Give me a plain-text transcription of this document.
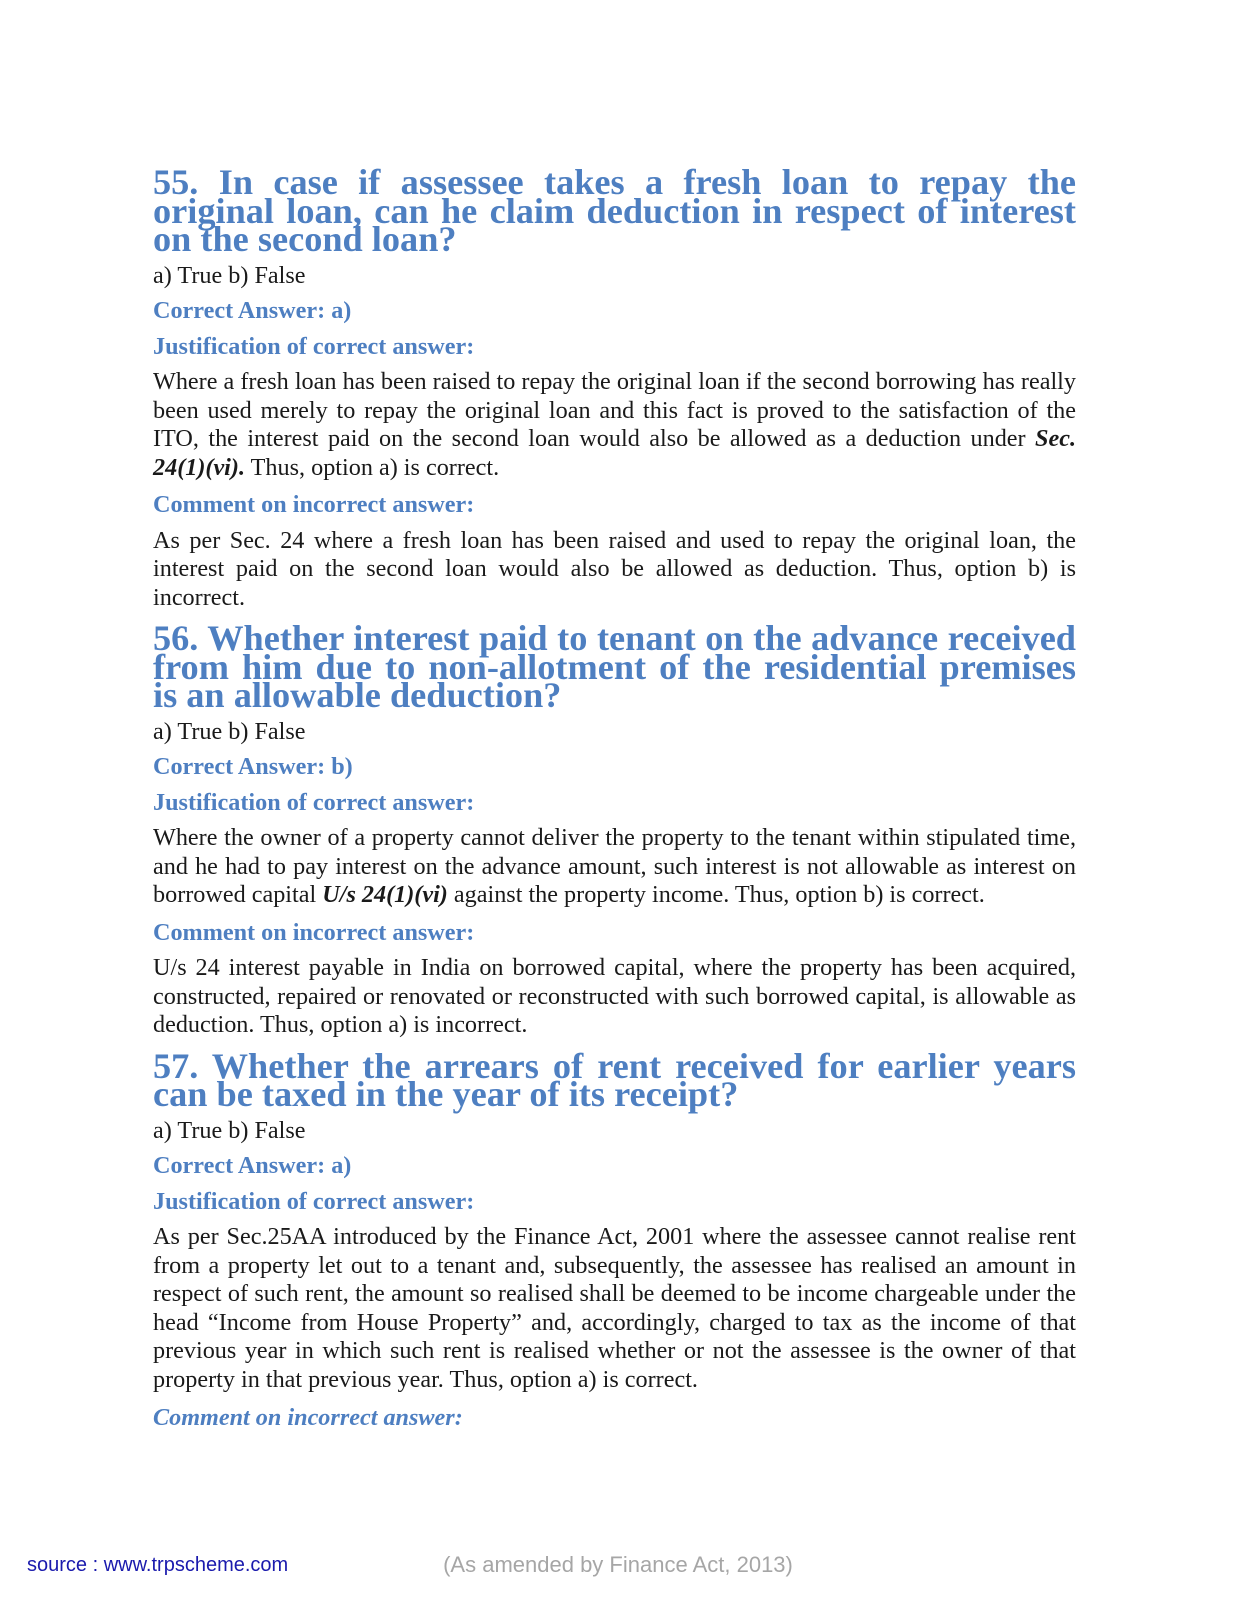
55. In case if assessee takes a fresh loan to repay the original loan, can he claim deduction in respect of interest on the second loan?

a) True b) False

Correct Answer: a)

Justification of correct answer:

Where a fresh loan has been raised to repay the original loan if the second borrowing has really been used merely to repay the original loan and this fact is proved to the satisfaction of the ITO, the interest paid on the second loan would also be allowed as a deduction under Sec. 24(1)(vi). Thus, option a) is correct.

Comment on incorrect answer:

As per Sec. 24 where a fresh loan has been raised and used to repay the original loan, the interest paid on the second loan would also be allowed as deduction. Thus, option b) is incorrect.

56. Whether interest paid to tenant on the advance received from him due to non-allotment of the residential premises is an allowable deduction?

a) True b) False

Correct Answer: b)

Justification of correct answer:

Where the owner of a property cannot deliver the property to the tenant within stipulated time, and he had to pay interest on the advance amount, such interest is not allowable as interest on borrowed capital U/s 24(1)(vi) against the property income. Thus, option b) is correct.

Comment on incorrect answer:

U/s 24 interest payable in India on borrowed capital, where the property has been acquired, constructed, repaired or renovated or reconstructed with such borrowed capital, is allowable as deduction. Thus, option a) is incorrect.

57. Whether the arrears of rent received for earlier years can be taxed in the year of its receipt?

a) True b) False

Correct Answer: a)

Justification of correct answer:

As per Sec.25AA introduced by the Finance Act, 2001 where the assessee cannot realise rent from a property let out to a tenant and, subsequently, the assessee has realised an amount in respect of such rent, the amount so realised shall be deemed to be income chargeable under the head “Income from House Property” and, accordingly, charged to tax as the income of that previous year in which such rent is realised whether or not the assessee is the owner of that property in that previous year. Thus, option a) is correct.

Comment on incorrect answer:

source : www.trpscheme.com	(As amended by Finance Act, 2013)
